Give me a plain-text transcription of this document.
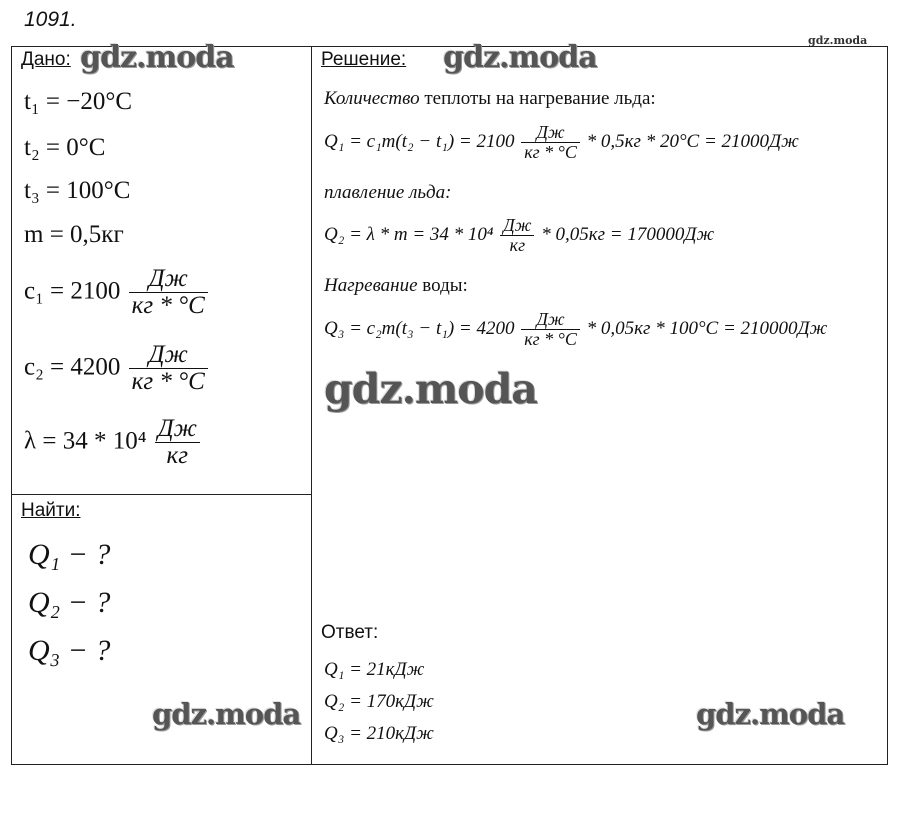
1091.
gdz.moda
Дано: gdz.moda
t₁ = −20°C
t₂ = 0°C
t₃ = 100°C
m = 0,5кг
$c_1 = 2100 \frac{Дж}{кг * ^\circ C}$
$c_2 = 4200 \frac{Дж}{кг * ^\circ C}$
$\lambda = 34 * 10^4 \frac{Дж}{кг}$
Найти:
Q₁ − ?
Q₂ − ?
Q₃ − ?
gdz.moda
Решение: gdz.moda
Количество теплоты на нагревание льда:
$Q_1 = c_1m(t_2 - t_1) = 2100 \frac{Дж}{кг * ^\circ C} * 0,5кг * 20^\circ C = 21000Дж$
плавление льда:
$Q_2 = \lambda * m = 34 * 10^4 \frac{Дж}{кг} * 0,05кг = 170000Дж$
Нагревание воды:
$Q_3 = c_2m(t_3 - t_1) = 4200 \frac{Дж}{кг * ^\circ C} * 0,05кг * 100^\circ C = 210000Дж$
gdz.moda
Ответ:
Q₁ = 21кДж
Q₂ = 170кДж
Q₃ = 210кДж
gdz.moda
